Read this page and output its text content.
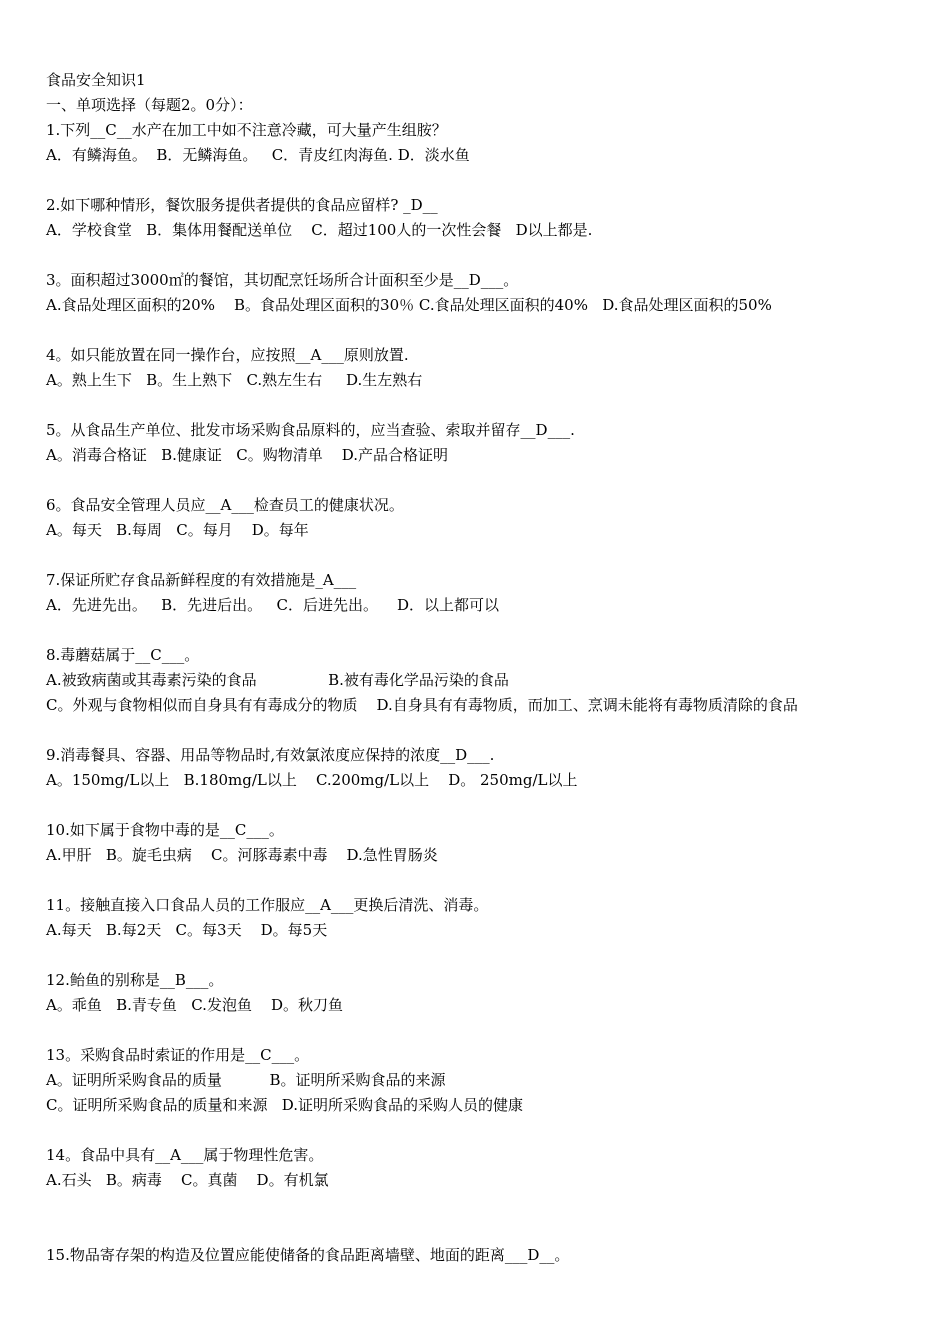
食品安全知识1
一、单项选择（每题2。0分）：
1.下列__C__水产在加工中如不注意冷藏，可大量产生组胺？
A．有鳞海鱼。  B．无鳞海鱼。   C．青皮红肉海鱼. D．淡水鱼
2.如下哪种情形，餐饮服务提供者提供的食品应留样? _D__
A．学校食堂   B．集体用餐配送单位    C．超过100人的一次性会餐   D以上都是.
3。面积超过3000㎡的餐馆，其切配烹饪场所合计面积至少是__D___。
A.食品处理区面积的20%    B。食品处理区面积的30％ C.食品处理区面积的40%   D.食品处理区面积的50%
4。如只能放置在同一操作台，应按照__A___原则放置.
A。熟上生下   B。生上熟下   C.熟左生右     D.生左熟右
5。从食品生产单位、批发市场采购食品原料的，应当查验、索取并留存__D___.
A。消毒合格证   B.健康证   C。购物清单    D.产品合格证明
6。食品安全管理人员应__A___检查员工的健康状况。
A。每天   B.每周   C。每月    D。每年
7.保证所贮存食品新鲜程度的有效措施是_A___
A．先进先出。   B．先进后出。   C．后进先出。    D．以上都可以
8.毒蘑菇属于__C___。
A.被致病菌或其毒素污染的食品               B.被有毒化学品污染的食品
C。外观与食物相似而自身具有有毒成分的物质    D.自身具有有毒物质，而加工、烹调未能将有毒物质清除的食品
9.消毒餐具、容器、用品等物品时,有效氯浓度应保持的浓度__D___.
A。150mg/L以上   B.180mg/L以上    C.200mg/L以上    D。 250mg/L以上
10.如下属于食物中毒的是__C___。
A.甲肝   B。旋毛虫病    C。河豚毒素中毒    D.急性胃肠炎
11。接触直接入口食品人员的工作服应__A___更换后清洗、消毒。
A.每天   B.每2天   C。每3天    D。每5天
12.鲐鱼的别称是__B___。
A。乖鱼   B.青专鱼   C.发泡鱼    D。秋刀鱼
13。采购食品时索证的作用是__C___。
A。证明所采购食品的质量          B。证明所采购食品的来源
C。证明所采购食品的质量和来源   D.证明所采购食品的采购人员的健康
14。食品中具有__A___属于物理性危害。
A.石头   B。病毒    C。真菌    D。有机氯
15.物品寄存架的构造及位置应能使储备的食品距离墙壁、地面的距离___D__。
